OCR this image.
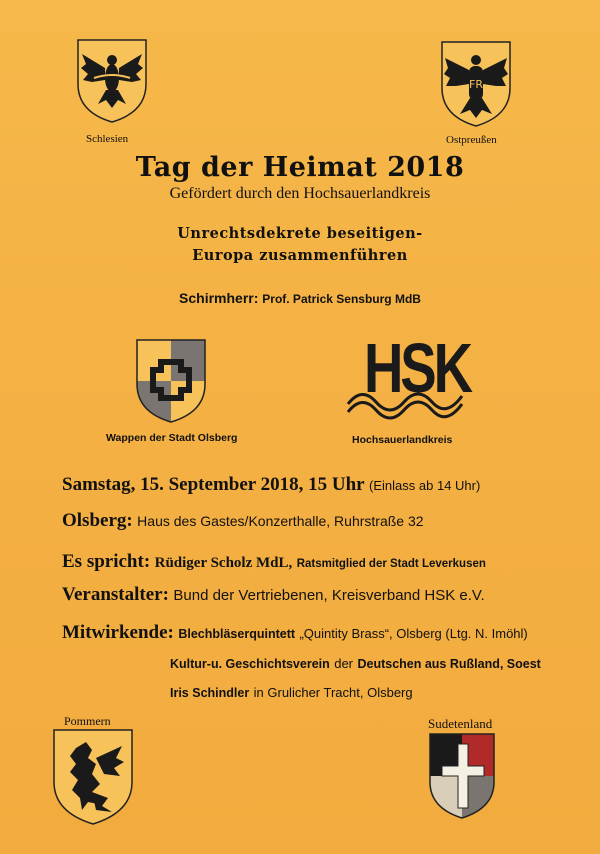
Schlesien
FR
Ostpreußen
Tag der Heimat 2018
Gefördert durch den Hochsauerlandkreis
Unrechtsdekrete beseitigen-
Europa zusammenführen
Schirmherr: Prof. Patrick Sensburg MdB
Wappen der Stadt Olsberg
HSK
Hochsauerlandkreis
Samstag, 15. September 2018, 15 Uhr (Einlass ab 14 Uhr)
Olsberg: Haus des Gastes/Konzerthalle, Ruhrstraße 32
Es spricht: Rüdiger Scholz MdL, Ratsmitglied der Stadt Leverkusen
Veranstalter: Bund der Vertriebenen, Kreisverband HSK e.V.
Mitwirkende: Blechbläserquintett „Quintity Brass“, Olsberg (Ltg. N. Imöhl)
Kultur-u. Geschichtsverein der Deutschen aus Rußland, Soest
Iris Schindler in Grulicher Tracht, Olsberg
Pommern	Sudetenland
